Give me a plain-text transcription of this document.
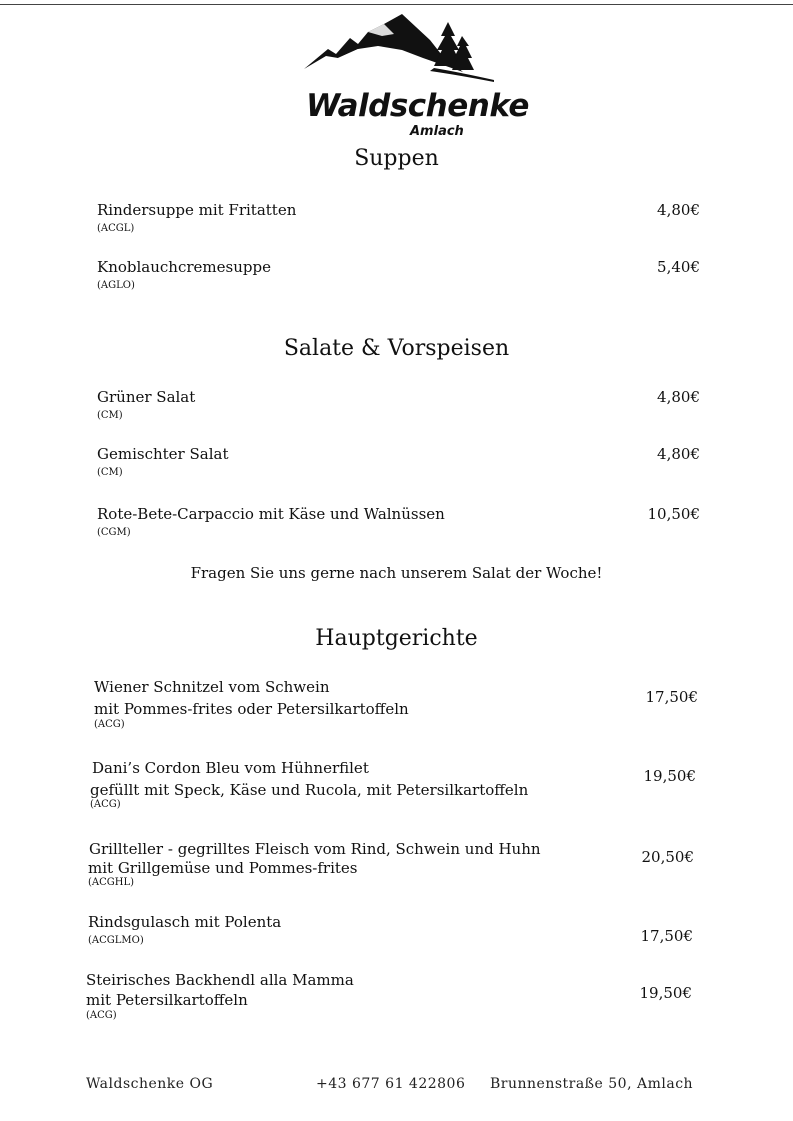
Waldschenke
Amlach
Suppen
Rindersuppe mit Fritatten
(ACGL)
4,80€
Knoblauchcremesuppe
(AGLO)
5,40€
Salate & Vorspeisen
Grüner Salat
(CM)
4,80€
Gemischter Salat
(CM)
4,80€
Rote-Bete-Carpaccio mit Käse und Walnüssen
(CGM)
10,50€
Fragen Sie uns gerne nach unserem Salat der Woche!
Hauptgerichte
Wiener Schnitzel vom Schwein
mit Pommes-frites oder Petersilkartoffeln
(ACG)
17,50€
Dani’s Cordon Bleu vom Hühnerfilet
gefüllt mit Speck, Käse und Rucola, mit Petersilkartoffeln
(ACG)
19,50€
Grillteller - gegrilltes Fleisch vom Rind, Schwein und Huhn
mit Grillgemüse und Pommes-frites
(ACGHL)
20,50€
Rindsgulasch mit Polenta
(ACGLMO)	17,50€
Steirisches Backhendl alla Mamma
mit Petersilkartoffeln
(ACG)
19,50€
Waldschenke OG	+43 677 61 422806 Brunnenstraße 50, Amlach
